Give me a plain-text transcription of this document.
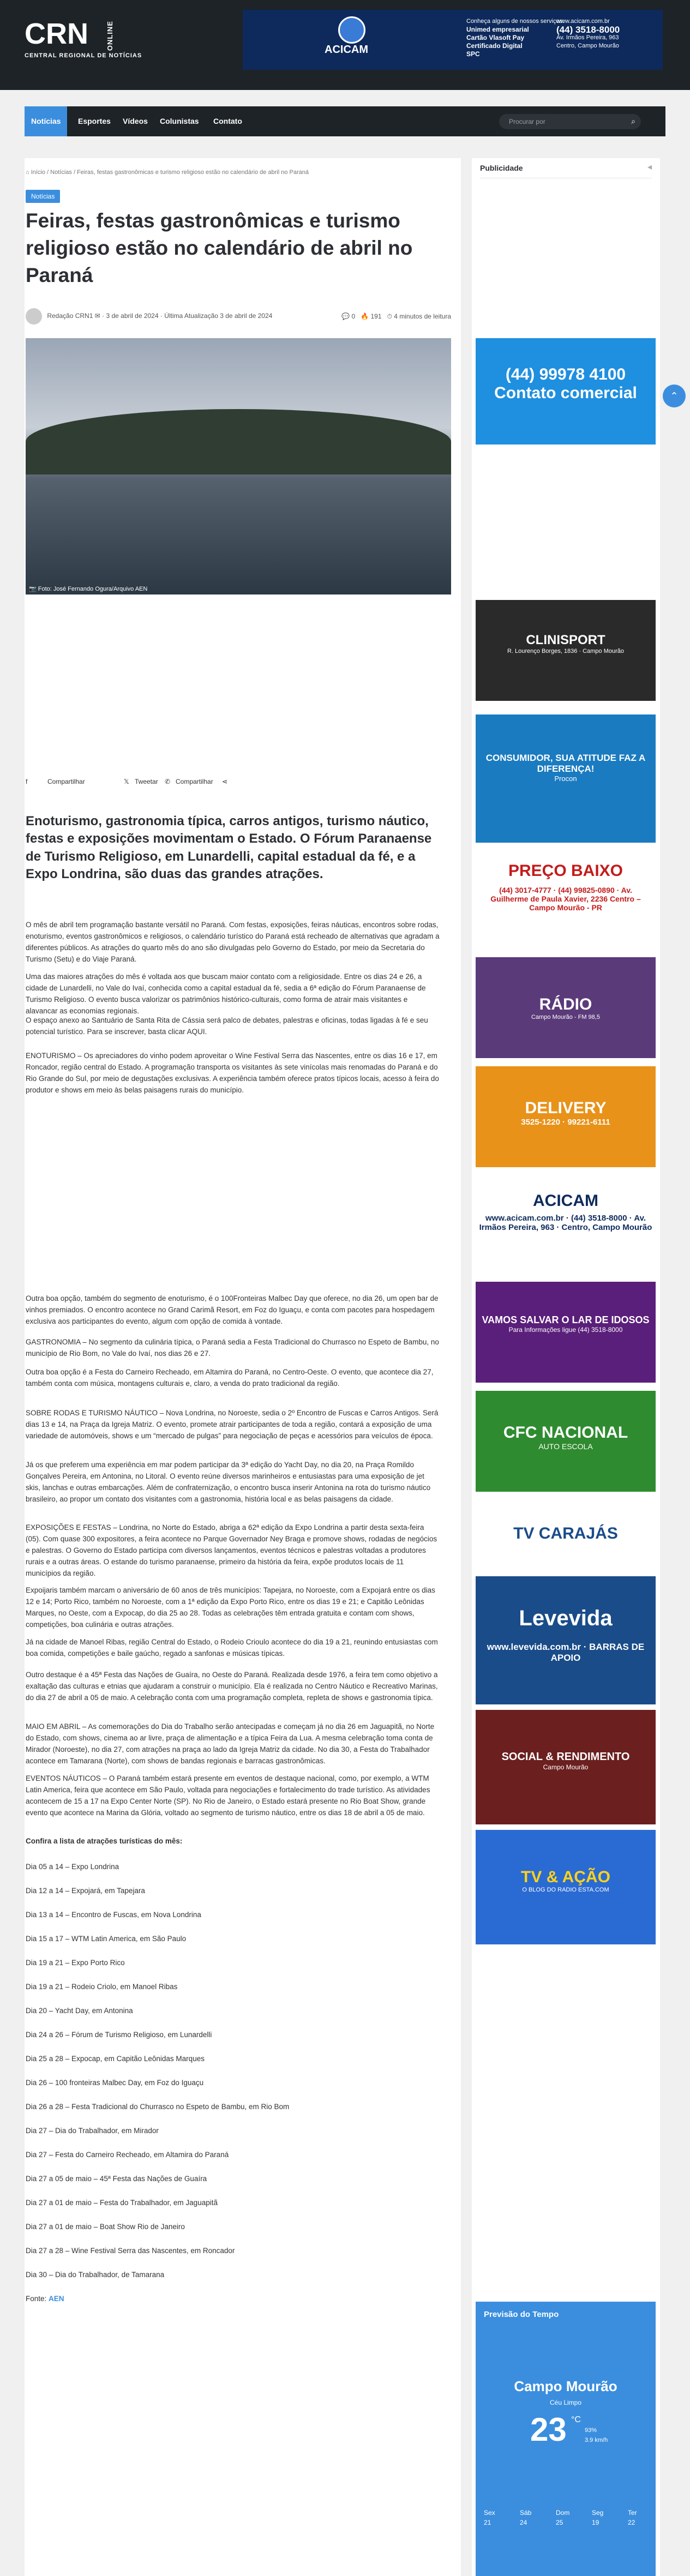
CRN ONLINE
CENTRAL REGIONAL DE NOTÍCIAS	ACICAM
Conheça alguns de nossos serviços:
Unimed empresarial
Cartão Vlasoft Pay
Certificado Digital
SPC
www.acicam.com.br
(44) 3518-8000
Av. Irmãos Pereira, 963
Centro, Campo Mourão
Notícias	Esportes	Vídeos	Colunistas	Contato	Procurar por	⌕
⌂ Início / Notícias / Feiras, festas gastronômicas e turismo religioso estão no calendário de abril no Paraná
Notícias
Feiras, festas gastronômicas e turismo religioso estão no calendário de abril no Paraná
Redação CRN1 ✉ · 3 de abril de 2024 · Última Atualização 3 de abril de 2024	💬 0 🔥 191 ⏱ 4 minutos de leitura
📷 Foto: José Fernando Ogura/Arquivo AEN
f	Compartilhar	𝕏 Tweetar ✆ Compartilhar ⋖
Enoturismo, gastronomia típica, carros antigos, turismo náutico, festas e exposições movimentam o Estado. O Fórum Paranaense de Turismo Religioso, em Lunardelli, capital estadual da fé, e a Expo Londrina, são duas das grandes atrações.
O mês de abril tem programação bastante versátil no Paraná. Com festas, exposições, feiras náuticas, encontros sobre rodas, enoturismo, eventos gastronômicos e religiosos, o calendário turístico do Paraná está recheado de alternativas que agradam a diferentes públicos. As atrações do quarto mês do ano são divulgadas pelo Governo do Estado, por meio da Secretaria do Turismo (Setu) e do Viaje Paraná.
Uma das maiores atrações do mês é voltada aos que buscam maior contato com a religiosidade. Entre os dias 24 e 26, a cidade de Lunardelli, no Vale do Ivaí, conhecida como a capital estadual da fé, sedia a 6ª edição do Fórum Paranaense de Turismo Religioso. O evento busca valorizar os patrimônios histórico-culturais, como forma de atrair mais visitantes e alavancar as economias regionais.
O espaço anexo ao Santuário de Santa Rita de Cássia será palco de debates, palestras e oficinas, todas ligadas à fé e seu potencial turístico. Para se inscrever, basta clicar AQUI.
ENOTURISMO – Os apreciadores do vinho podem aproveitar o Wine Festival Serra das Nascentes, entre os dias 16 e 17, em Roncador, região central do Estado. A programação transporta os visitantes às sete vinícolas mais renomadas do Paraná e do Rio Grande do Sul, por meio de degustações exclusivas. A experiência também oferece pratos típicos locais, acesso à feira do produtor e shows em meio às belas paisagens rurais do município.
Outra boa opção, também do segmento de enoturismo, é o 100Fronteiras Malbec Day que oferece, no dia 26, um open bar de vinhos premiados. O encontro acontece no Grand Carimã Resort, em Foz do Iguaçu, e conta com pacotes para hospedagem exclusiva aos participantes do evento, algum com opção de comida à vontade.
GASTRONOMIA – No segmento da culinária típica, o Paraná sedia a Festa Tradicional do Churrasco no Espeto de Bambu, no município de Rio Bom, no Vale do Ivaí, nos dias 26 e 27.
Outra boa opção é a Festa do Carneiro Recheado, em Altamira do Paraná, no Centro-Oeste. O evento, que acontece dia 27, também conta com música, montagens culturais e, claro, a venda do prato tradicional da região.
SOBRE RODAS E TURISMO NÁUTICO – Nova Londrina, no Noroeste, sedia o 2º Encontro de Fuscas e Carros Antigos. Será dias 13 e 14, na Praça da Igreja Matriz. O evento, promete atrair participantes de toda a região, contará a exposição de uma variedade de automóveis, shows e um “mercado de pulgas” para negociação de peças e acessórios para veículos de época.
Já os que preferem uma experiência em mar podem participar da 3ª edição do Yacht Day, no dia 20, na Praça Romildo Gonçalves Pereira, em Antonina, no Litoral. O evento reúne diversos marinheiros e entusiastas para uma exposição de jet skis, lanchas e outras embarcações. Além de confraternização, o encontro busca inserir Antonina na rota do turismo náutico brasileiro, ao propor um contato dos visitantes com a gastronomia, história local e as belas paisagens da cidade.
EXPOSIÇÕES E FESTAS – Londrina, no Norte do Estado, abriga a 62ª edição da Expo Londrina a partir desta sexta-feira (05). Com quase 300 expositores, a feira acontece no Parque Governador Ney Braga e promove shows, rodadas de negócios e palestras. O Governo do Estado participa com diversos lançamentos, eventos técnicos e palestras voltadas a produtores rurais e a outras áreas. O estande do turismo paranaense, primeiro da história da feira, expõe produtos locais de 11 municípios da região.
Expoijaris também marcam o aniversário de 60 anos de três municípios: Tapejara, no Noroeste, com a Expojará entre os dias 12 e 14; Porto Rico, também no Noroeste, com a 1ª edição da Expo Porto Rico, entre os dias 19 e 21; e Capitão Leônidas Marques, no Oeste, com a Expocap, do dia 25 ao 28. Todas as celebrações têm entrada gratuita e contam com shows, competições, boa culinária e outras atrações.
Já na cidade de Manoel Ribas, região Central do Estado, o Rodeio Crioulo acontece do dia 19 a 21, reunindo entusiastas com boa comida, competições e baile gaúcho, regado a sanfonas e músicas típicas.
Outro destaque é a 45ª Festa das Nações de Guaíra, no Oeste do Paraná. Realizada desde 1976, a feira tem como objetivo a exaltação das culturas e etnias que ajudaram a construir o município. Ela é realizada no Centro Náutico e Recreativo Marinas, do dia 27 de abril a 05 de maio. A celebração conta com uma programação completa, repleta de shows e gastronomia típica.
MAIO EM ABRIL – As comemorações do Dia do Trabalho serão antecipadas e começam já no dia 26 em Jaguapitã, no Norte do Estado, com shows, cinema ao ar livre, praça de alimentação e a típica Feira da Lua. A mesma celebração toma conta de Mirador (Noroeste), no dia 27, com atrações na praça ao lado da Igreja Matriz da cidade. No dia 30, a Festa do Trabalhador acontece em Tamarana (Norte), com shows de bandas regionais e barracas gastronômicas.
EVENTOS NÁUTICOS – O Paraná também estará presente em eventos de destaque nacional, como, por exemplo, a WTM Latin America, feira que acontece em São Paulo, voltada para negociações e fortalecimento do trade turístico. As atividades acontecem de 15 a 17 na Expo Center Norte (SP). No Rio de Janeiro, o Estado estará presente no Rio Boat Show, grande evento que acontece na Marina da Glória, voltado ao segmento de turismo náutico, entre os dias 18 de abril a 05 de maio.
Confira a lista de atrações turísticas do mês:
Dia 05 a 14 – Expo Londrina
Dia 12 a 14 – Expojará, em Tapejara
Dia 13 a 14 – Encontro de Fuscas, em Nova Londrina
Dia 15 a 17 – WTM Latin America, em São Paulo
Dia 19 a 21 – Expo Porto Rico
Dia 19 a 21 – Rodeio Criolo, em Manoel Ribas
Dia 20 – Yacht Day, em Antonina
Dia 24 a 26 – Fórum de Turismo Religioso, em Lunardelli
Dia 25 a 28 – Expocap, em Capitão Leônidas Marques
Dia 26 – 100 fronteiras Malbec Day, em Foz do Iguaçu
Dia 26 a 28 – Festa Tradicional do Churrasco no Espeto de Bambu, em Rio Bom
Dia 27 – Dia do Trabalhador, em Mirador
Dia 27 – Festa do Carneiro Recheado, em Altamira do Paraná
Dia 27 a 05 de maio – 45ª Festa das Nações de Guaíra
Dia 27 a 01 de maio – Festa do Trabalhador, em Jaguapitã
Dia 27 a 01 de maio – Boat Show Rio de Janeiro
Dia 27 a 28 – Wine Festival Serra das Nascentes, em Roncador
Dia 30 – Dia do Trabalhador, de Tamarana
Fonte: AEN
Publicidade	◂
(44) 99978 4100
Contato comercial
CLINISPORT
R. Lourenço Borges, 1836 · Campo Mourão
CONSUMIDOR, SUA ATITUDE FAZ A DIFERENÇA!
Procon
PREÇO BAIXO
(44) 3017-4777 · (44) 99825-0890 · Av. Guilherme de Paula Xavier, 2236 Centro – Campo Mourão - PR
RÁDIO
Campo Mourão - FM 98,5
DELIVERY
3525-1220 · 99221-6111
ACICAM
www.acicam.com.br · (44) 3518-8000 · Av. Irmãos Pereira, 963 · Centro, Campo Mourão
VAMOS SALVAR O LAR DE IDOSOS
Para Informações ligue (44) 3518-8000
CFC NACIONAL
AUTO ESCOLA
TV CARAJÁS
Levevida
www.levevida.com.br · BARRAS DE APOIO
SOCIAL & RENDIMENTO
Campo Mourão
TV & AÇÃO
O BLOG DO RADIO ESTA.COM
Previsão do Tempo
Campo Mourão
Céu Limpo
23 °C
93%
3.9 km/h
Sex
21
Sáb
24
Dom
25
Seg
19
Ter
22
⌃
